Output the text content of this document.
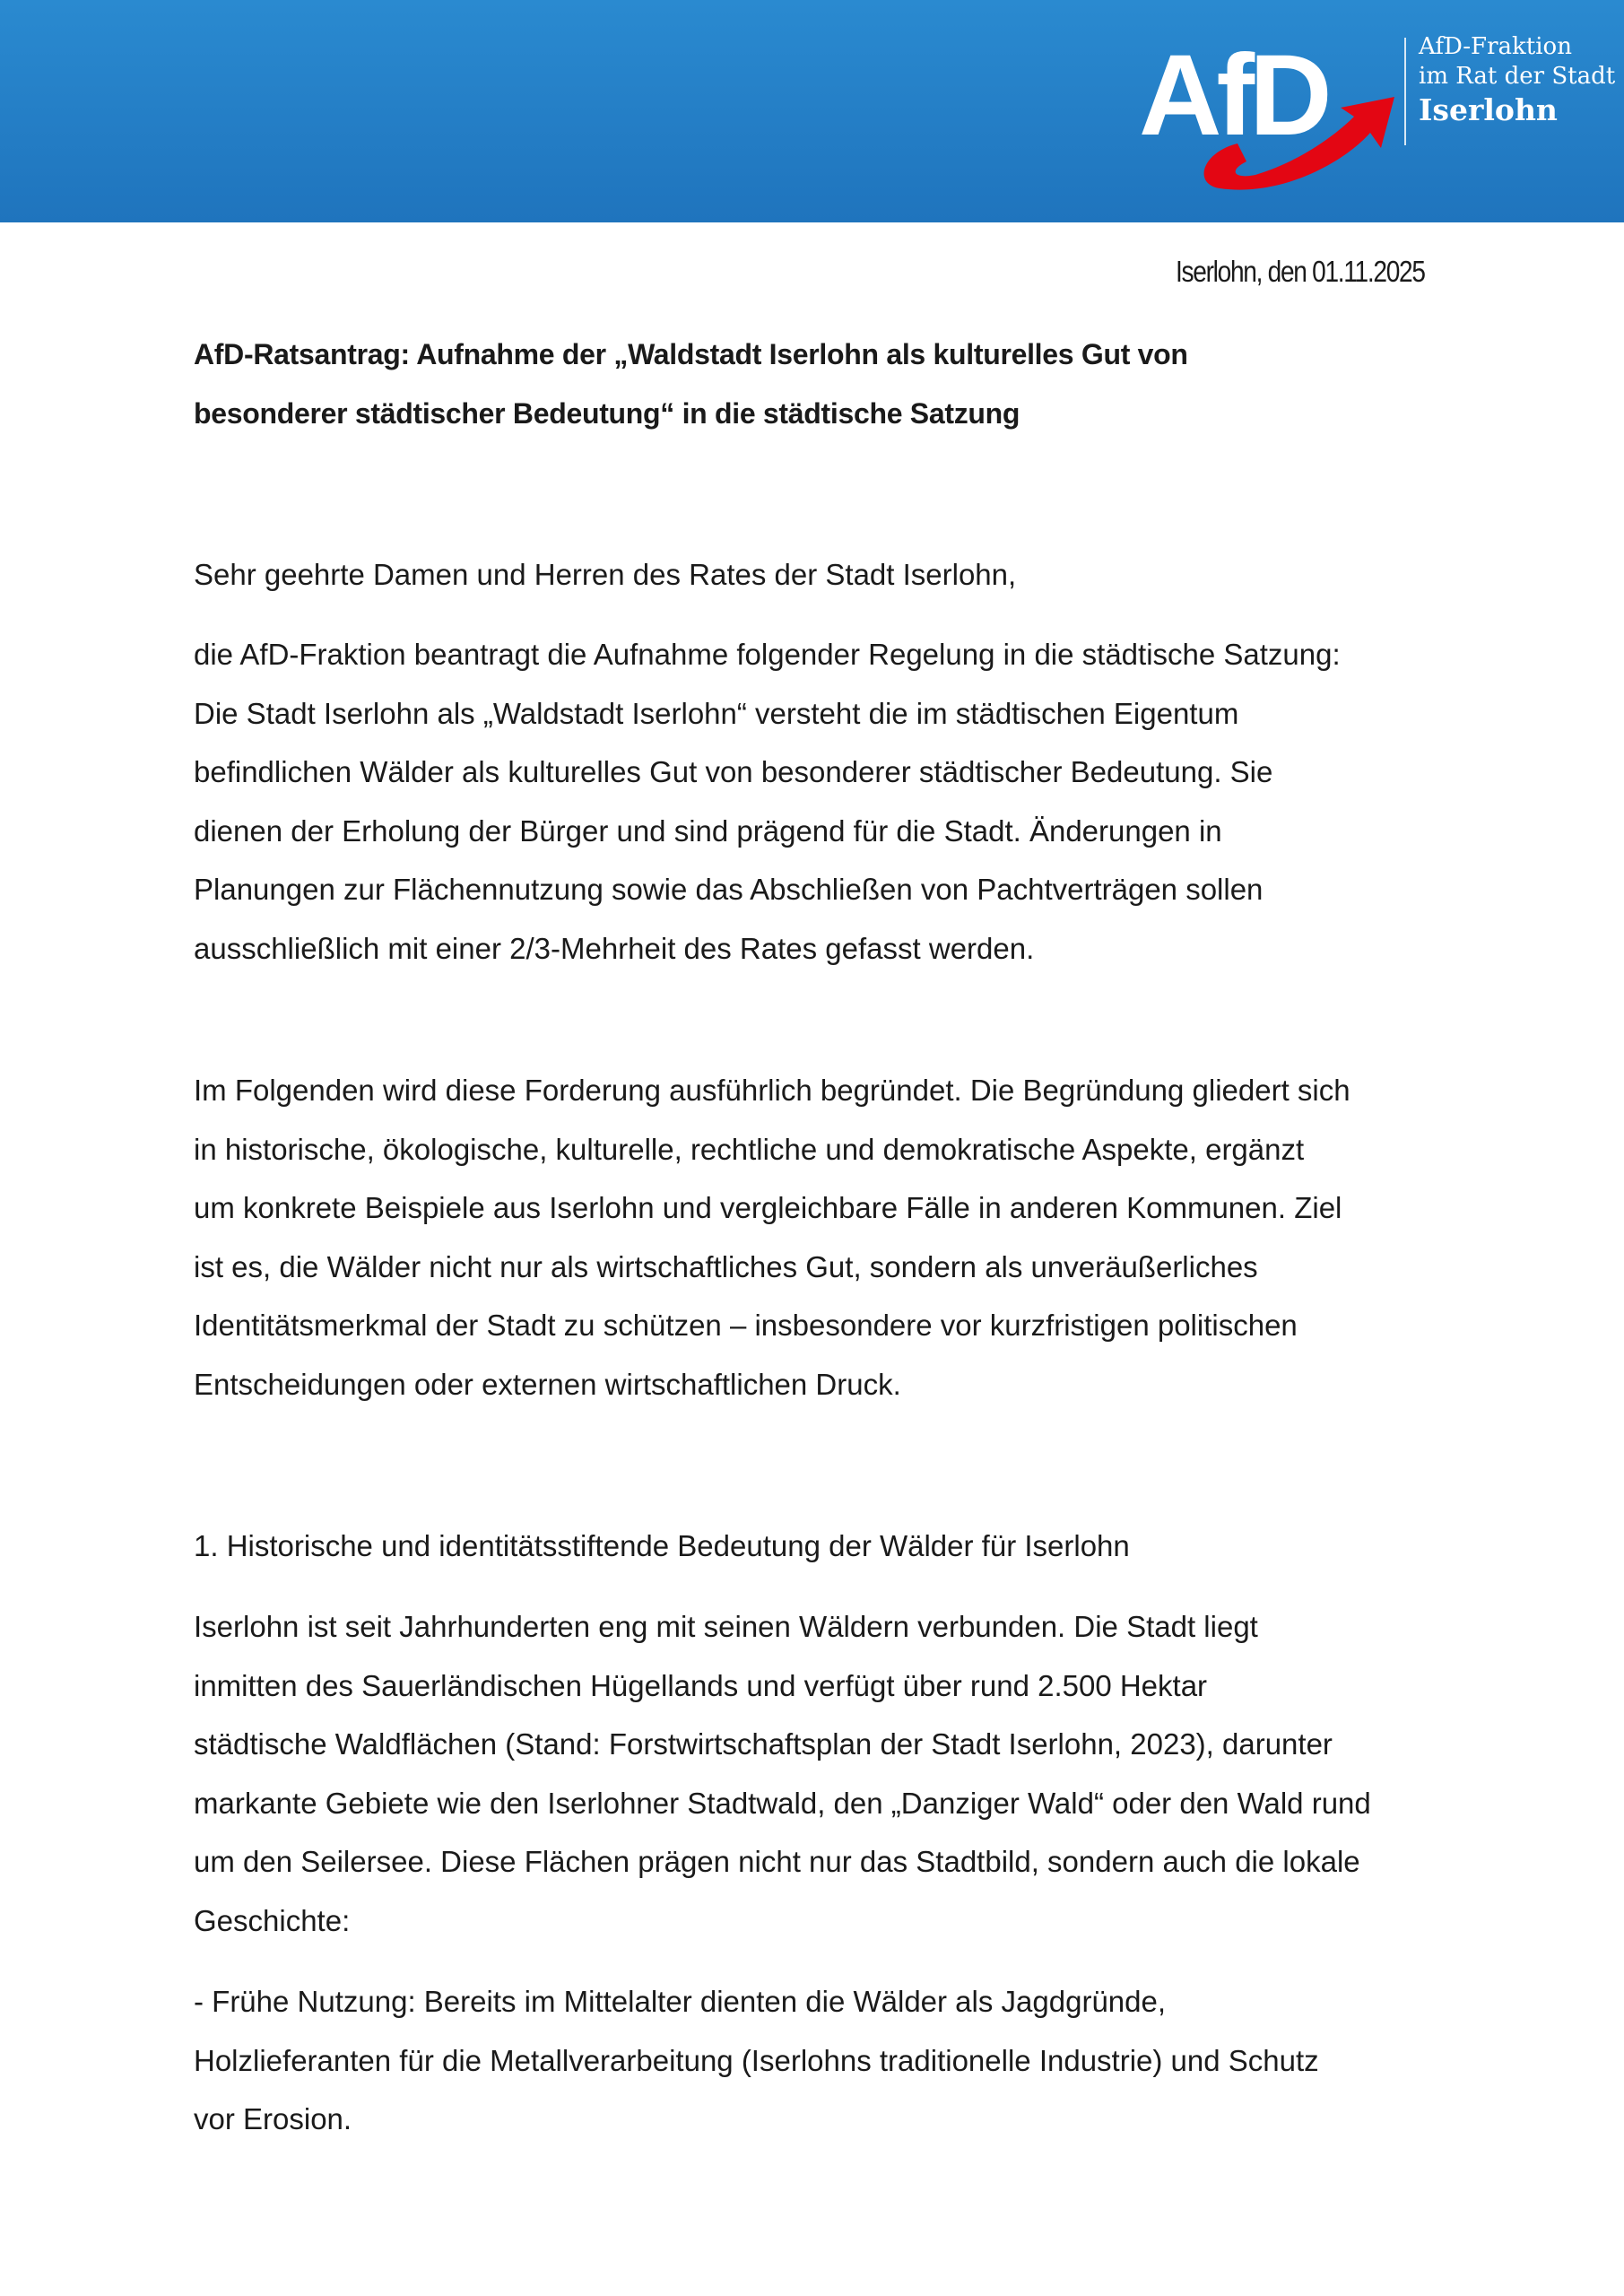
AfD	AfD-Fraktion
im Rat der Stadt
Iserlohn
Iserlohn, den 01.11.2025
AfD-Ratsantrag: Aufnahme der „Waldstadt Iserlohn als kulturelles Gut von
besonderer städtischer Bedeutung“ in die städtische Satzung
Sehr geehrte Damen und Herren des Rates der Stadt Iserlohn,
die AfD-Fraktion beantragt die Aufnahme folgender Regelung in die städtische Satzung:
Die Stadt Iserlohn als „Waldstadt Iserlohn“ versteht die im städtischen Eigentum
befindlichen Wälder als kulturelles Gut von besonderer städtischer Bedeutung. Sie
dienen der Erholung der Bürger und sind prägend für die Stadt. Änderungen in
Planungen zur Flächennutzung sowie das Abschließen von Pachtverträgen sollen
ausschließlich mit einer 2/3-Mehrheit des Rates gefasst werden.
Im Folgenden wird diese Forderung ausführlich begründet. Die Begründung gliedert sich
in historische, ökologische, kulturelle, rechtliche und demokratische Aspekte, ergänzt
um konkrete Beispiele aus Iserlohn und vergleichbare Fälle in anderen Kommunen. Ziel
ist es, die Wälder nicht nur als wirtschaftliches Gut, sondern als unveräußerliches
Identitätsmerkmal der Stadt zu schützen – insbesondere vor kurzfristigen politischen
Entscheidungen oder externen wirtschaftlichen Druck.
1. Historische und identitätsstiftende Bedeutung der Wälder für Iserlohn
Iserlohn ist seit Jahrhunderten eng mit seinen Wäldern verbunden. Die Stadt liegt
inmitten des Sauerländischen Hügellands und verfügt über rund 2.500 Hektar
städtische Waldflächen (Stand: Forstwirtschaftsplan der Stadt Iserlohn, 2023), darunter
markante Gebiete wie den Iserlohner Stadtwald, den „Danziger Wald“ oder den Wald rund
um den Seilersee. Diese Flächen prägen nicht nur das Stadtbild, sondern auch die lokale
Geschichte:
- Frühe Nutzung: Bereits im Mittelalter dienten die Wälder als Jagdgründe,
Holzlieferanten für die Metallverarbeitung (Iserlohns traditionelle Industrie) und Schutz
vor Erosion.
